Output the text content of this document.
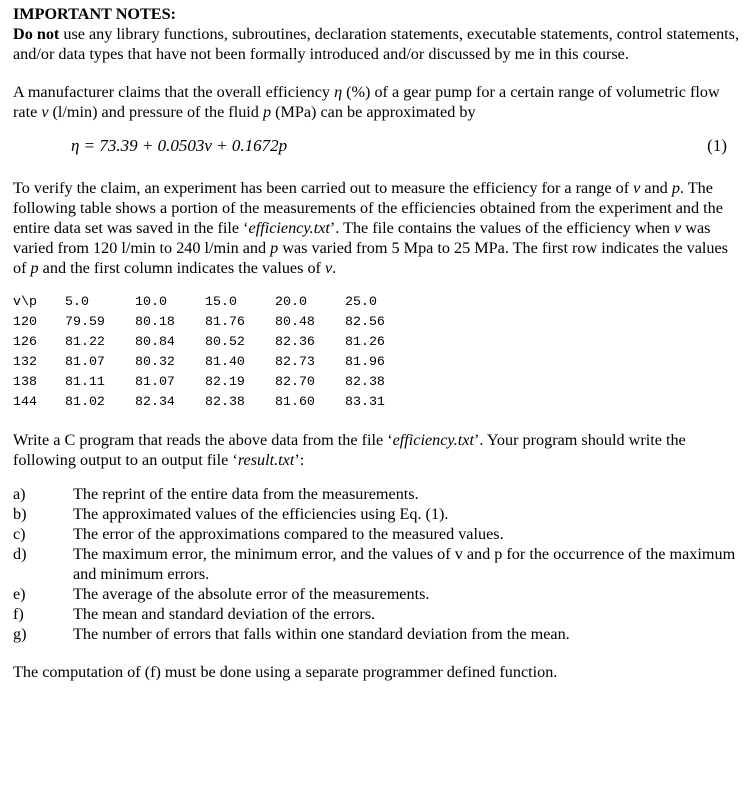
IMPORTANT NOTES:

Do not use any library functions, subroutines, declaration statements, executable statements, control statements, and/or data types that have not been formally introduced and/or discussed by me in this course.

A manufacturer claims that the overall efficiency η (%) of a gear pump for a certain range of volumetric flow rate v (l/min) and pressure of the fluid p (MPa) can be approximated by

η = 73.39 + 0.0503v + 0.1672p	(1)

To verify the claim, an experiment has been carried out to measure the efficiency for a range of v and p. The following table shows a portion of the measurements of the efficiencies obtained from the experiment and the entire data set was saved in the file ‘efficiency.txt’. The file contains the values of the efficiency when v was varied from 120 l/min to 240 l/min and p was varied from 5 Mpa to 25 MPa. The first row indicates the values of p and the first column indicates the values of v.

v\p	5.0	10.0	15.0	20.0	25.0
120	79.59	80.18	81.76	80.48	82.56
126	81.22	80.84	80.52	82.36	81.26
132	81.07	80.32	81.40	82.73	81.96
138	81.11	81.07	82.19	82.70	82.38
144	81.02	82.34	82.38	81.60	83.31

Write a C program that reads the above data from the file ‘efficiency.txt’. Your program should write the following output to an output file ‘result.txt’:

a)	The reprint of the entire data from the measurements.
b)	The approximated values of the efficiencies using Eq. (1).
c)	The error of the approximations compared to the measured values.
d)	The maximum error, the minimum error, and the values of v and p for the occurrence of the maximum and minimum errors.
e)	The average of the absolute error of the measurements.
f)	The mean and standard deviation of the errors.
g)	The number of errors that falls within one standard deviation from the mean.

The computation of (f) must be done using a separate programmer defined function.
